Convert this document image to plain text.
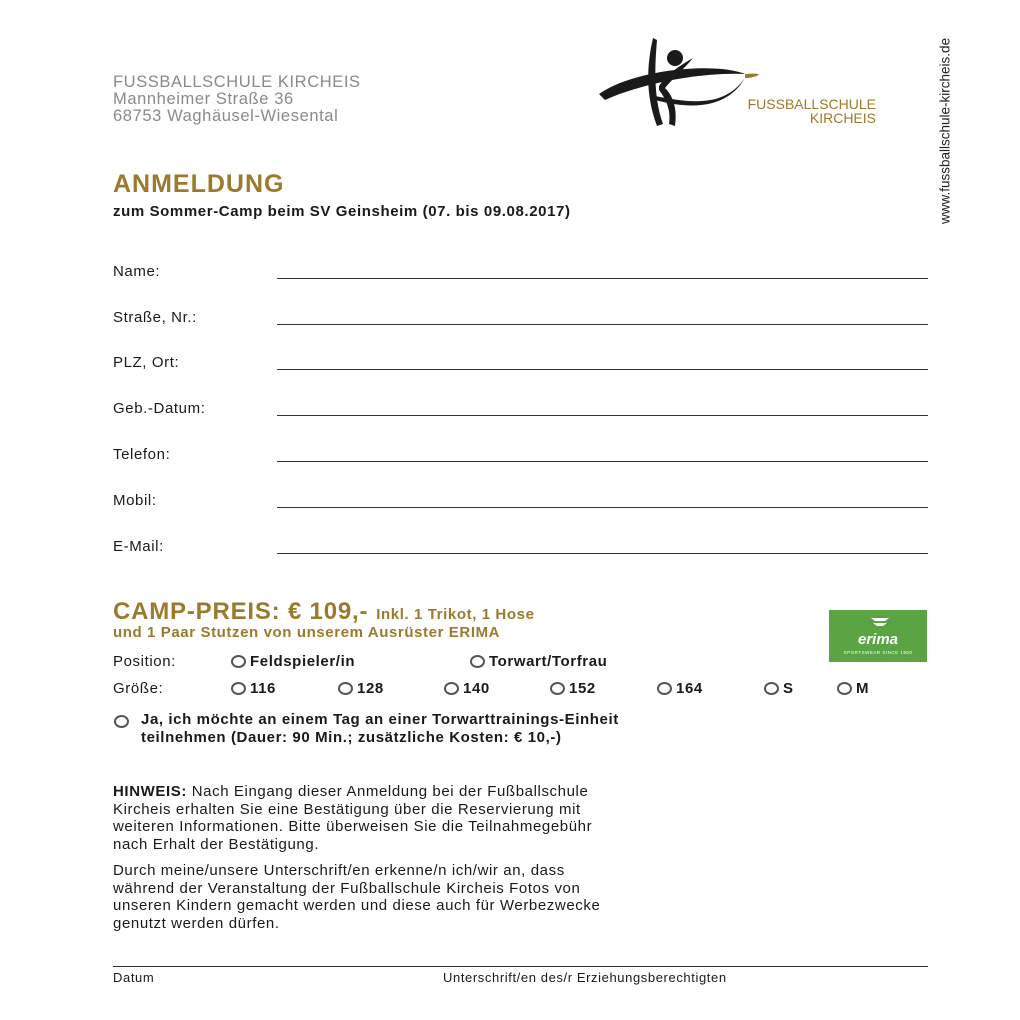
FUSSBALLSCHULE KIRCHEIS
Mannheimer Straße 36
68753 Waghäusel-Wiesental
FUSSBALLSCHULE
KIRCHEIS	www.fussballschule-kircheis.de
ANMELDUNG
zum Sommer-Camp beim SV Geinsheim (07. bis 09.08.2017)
Name:
Straße, Nr.:
PLZ, Ort:
Geb.-Datum:
Telefon:
Mobil:
E-Mail:
CAMP-PREIS: € 109,- Inkl. 1 Trikot, 1 Hose
und 1 Paar Stutzen von unserem Ausrüster ERIMA	erima
SPORTSWEAR SINCE 1900
Position:	Feldspieler/in	Torwart/Torfrau
Größe:	116	128	140	152	164	S	M
Ja, ich möchte an einem Tag an einer Torwarttrainings-Einheit
teilnehmen (Dauer: 90 Min.; zusätzliche Kosten: € 10,-)

HINWEIS: Nach Eingang dieser Anmeldung bei der Fußballschule

Kircheis erhalten Sie eine Bestätigung über die Reservierung mit

weiteren Informationen. Bitte überweisen Sie die Teilnahmegebühr

nach Erhalt der Bestätigung.

Durch meine/unsere Unterschrift/en erkenne/n ich/wir an, dass
während der Veranstaltung der Fußballschule Kircheis Fotos von
unseren Kindern gemacht werden und diese auch für Werbezwecke
genutzt werden dürfen.
Datum	Unterschrift/en des/r Erziehungsberechtigten
